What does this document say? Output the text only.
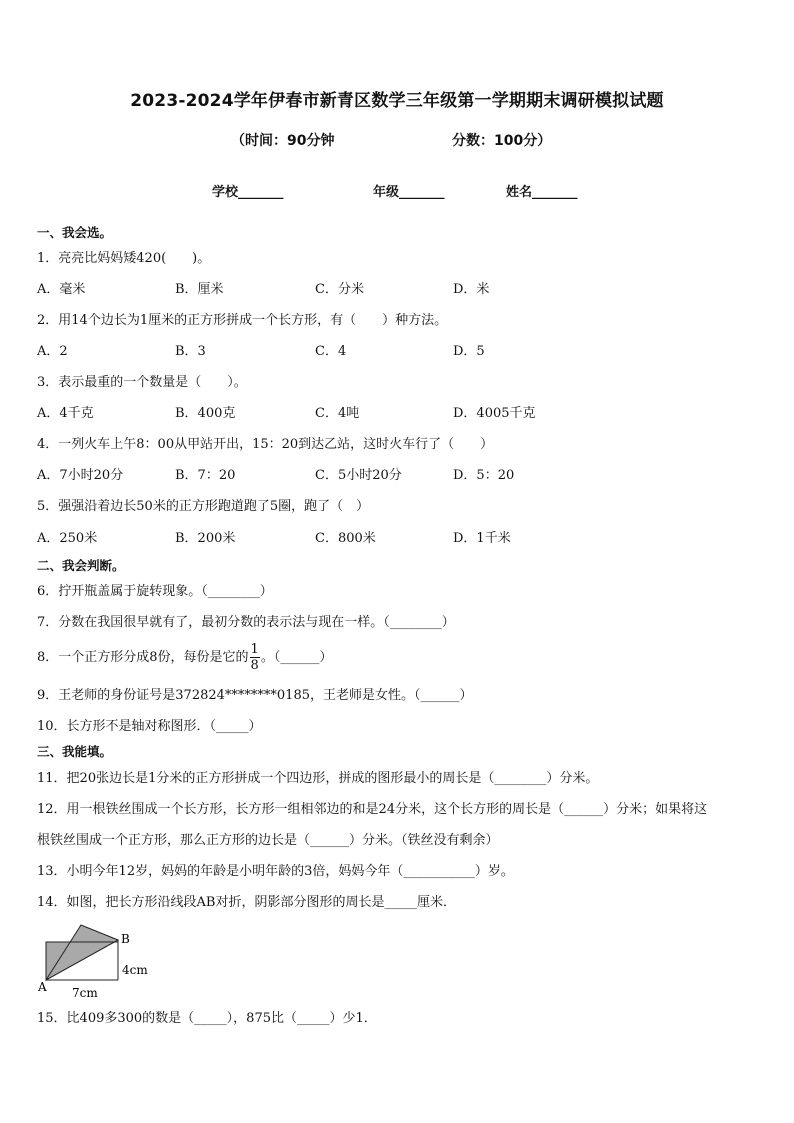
2023-2024学年伊春市新青区数学三年级第一学期期末调研模拟试题
（时间：90分钟	分数：100分）
学校_______	年级_______	姓名_______
一、我会选。
1．亮亮比妈妈矮420(　　)。
A．毫米	B．厘米	C．分米	D．米
2．用14个边长为1厘米的正方形拼成一个长方形，有（　　）种方法。
A．2	B．3	C．4	D．5
3．表示最重的一个数量是（　　）。
A．4千克	B．400克	C．4吨	D．4005千克
4．一列火车上午8：00从甲站开出，15：20到达乙站，这时火车行了（　　）
A．7小时20分	B．7：20	C．5小时20分	D．5：20
5．强强沿着边长50米的正方形跑道跑了5圈，跑了（　）
A．250米	B．200米	C．800米	D．1千米
二、我会判断。
6．拧开瓶盖属于旋转现象。（________）
7．分数在我国很早就有了，最初分数的表示法与现在一样。（________）
8．一个正方形分成8份，每份是它的 $\frac{1}{8}$ 。（______）
9．王老师的身份证号是372824********0185，王老师是女性。（______）
10．长方形不是轴对称图形．（_____）
三、我能填。
11．把20张边长是1分米的正方形拼成一个四边形，拼成的图形最小的周长是（________）分米。
12．用一根铁丝围成一个长方形，长方形一组相邻边的和是24分米，这个长方形的周长是（______）分米；如果将这
根铁丝围成一个正方形，那么正方形的边长是（______）分米。（铁丝没有剩余）
13．小明今年12岁，妈妈的年龄是小明年龄的3倍，妈妈今年（___________）岁。
14．如图，把长方形沿线段AB对折，阴影部分图形的周长是_____厘米．
A
B
4cm
7cm
15．比409多300的数是（_____），875比（_____）少1．
